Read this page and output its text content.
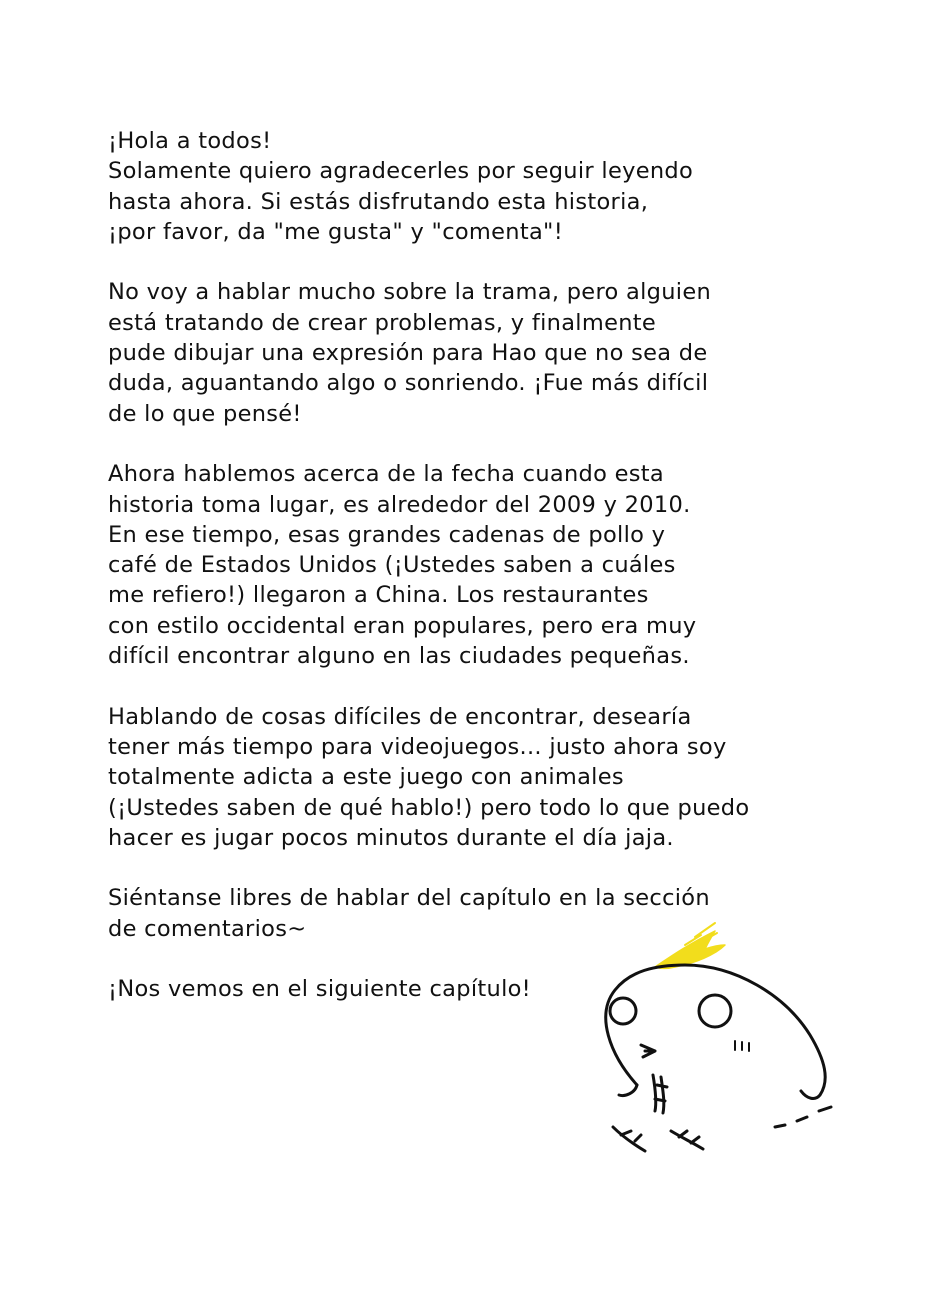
¡Hola a todos!
Solamente quiero agradecerles por seguir leyendo
hasta ahora. Si estás disfrutando esta historia,
¡por favor, da "me gusta" y "comenta"!
No voy a hablar mucho sobre la trama, pero alguien
está tratando de crear problemas, y finalmente
pude dibujar una expresión para Hao que no sea de
duda, aguantando algo o sonriendo. ¡Fue más difícil
de lo que pensé!
Ahora hablemos acerca de la fecha cuando esta
historia toma lugar, es alrededor del 2009 y 2010.
En ese tiempo, esas grandes cadenas de pollo y
café de Estados Unidos (¡Ustedes saben a cuáles
me refiero!) llegaron a China. Los restaurantes
con estilo occidental eran populares, pero era muy
difícil encontrar alguno en las ciudades pequeñas.
Hablando de cosas difíciles de encontrar, desearía
tener más tiempo para videojuegos... justo ahora soy
totalmente adicta a este juego con animales
(¡Ustedes saben de qué hablo!) pero todo lo que puedo
hacer es jugar pocos minutos durante el día jaja.
Siéntanse libres de hablar del capítulo en la sección
de comentarios~
¡Nos vemos en el siguiente capítulo!
